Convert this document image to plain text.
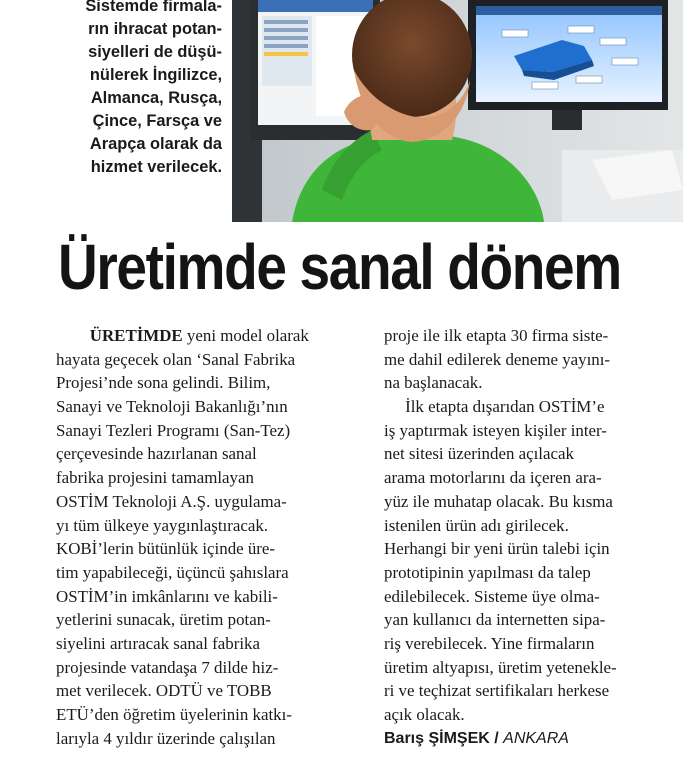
Sistemde firmala-
rın ihracat potan-
siyelleri de düşü-
nülerek İngilizce,
Almanca, Rusça,
Çince, Farsça ve
Arapça olarak da
hizmet verilecek.
Üretimde sanal dönem
  ÜRETİMDE yeni model olarak
hayata geçecek olan ‘Sanal Fabrika
Projesi’nde sona gelindi. Bilim,
Sanayi ve Teknoloji Bakanlığı’nın
Sanayi Tezleri Programı (San-Tez)
çerçevesinde hazırlanan sanal
fabrika projesini tamamlayan
OSTİM Teknoloji A.Ş. uygulama-
yı tüm ülkeye yaygınlaştıracak.
KOBİ’lerin bütünlük içinde üre-
tim yapabileceği, üçüncü şahıslara
OSTİM’in imkânlarını ve kabili-
yetlerini sunacak, üretim potan-
siyelini artıracak sanal fabrika
projesinde vatandaşa 7 dilde hiz-
met verilecek. ODTÜ ve TOBB
ETÜ’den öğretim üyelerinin katkı-
larıyla 4 yıldır üzerinde çalışılan
proje ile ilk etapta 30 firma siste-
me dahil edilerek deneme yayını-
na başlanacak.
İlk etapta dışarıdan OSTİM’e
iş yaptırmak isteyen kişiler inter-
net sitesi üzerinden açılacak
arama motorlarını da içeren ara-
yüz ile muhatap olacak. Bu kısma
istenilen ürün adı girilecek.
Herhangi bir yeni ürün talebi için
prototipinin yapılması da talep
edilebilecek. Sisteme üye olma-
yan kullanıcı da internetten sipa-
riş verebilecek. Yine firmaların
üretim altyapısı, üretim yetenekle-
ri ve teçhizat sertifikaları herkese
açık olacak.
Barış ŞİMŞEK / ANKARA
